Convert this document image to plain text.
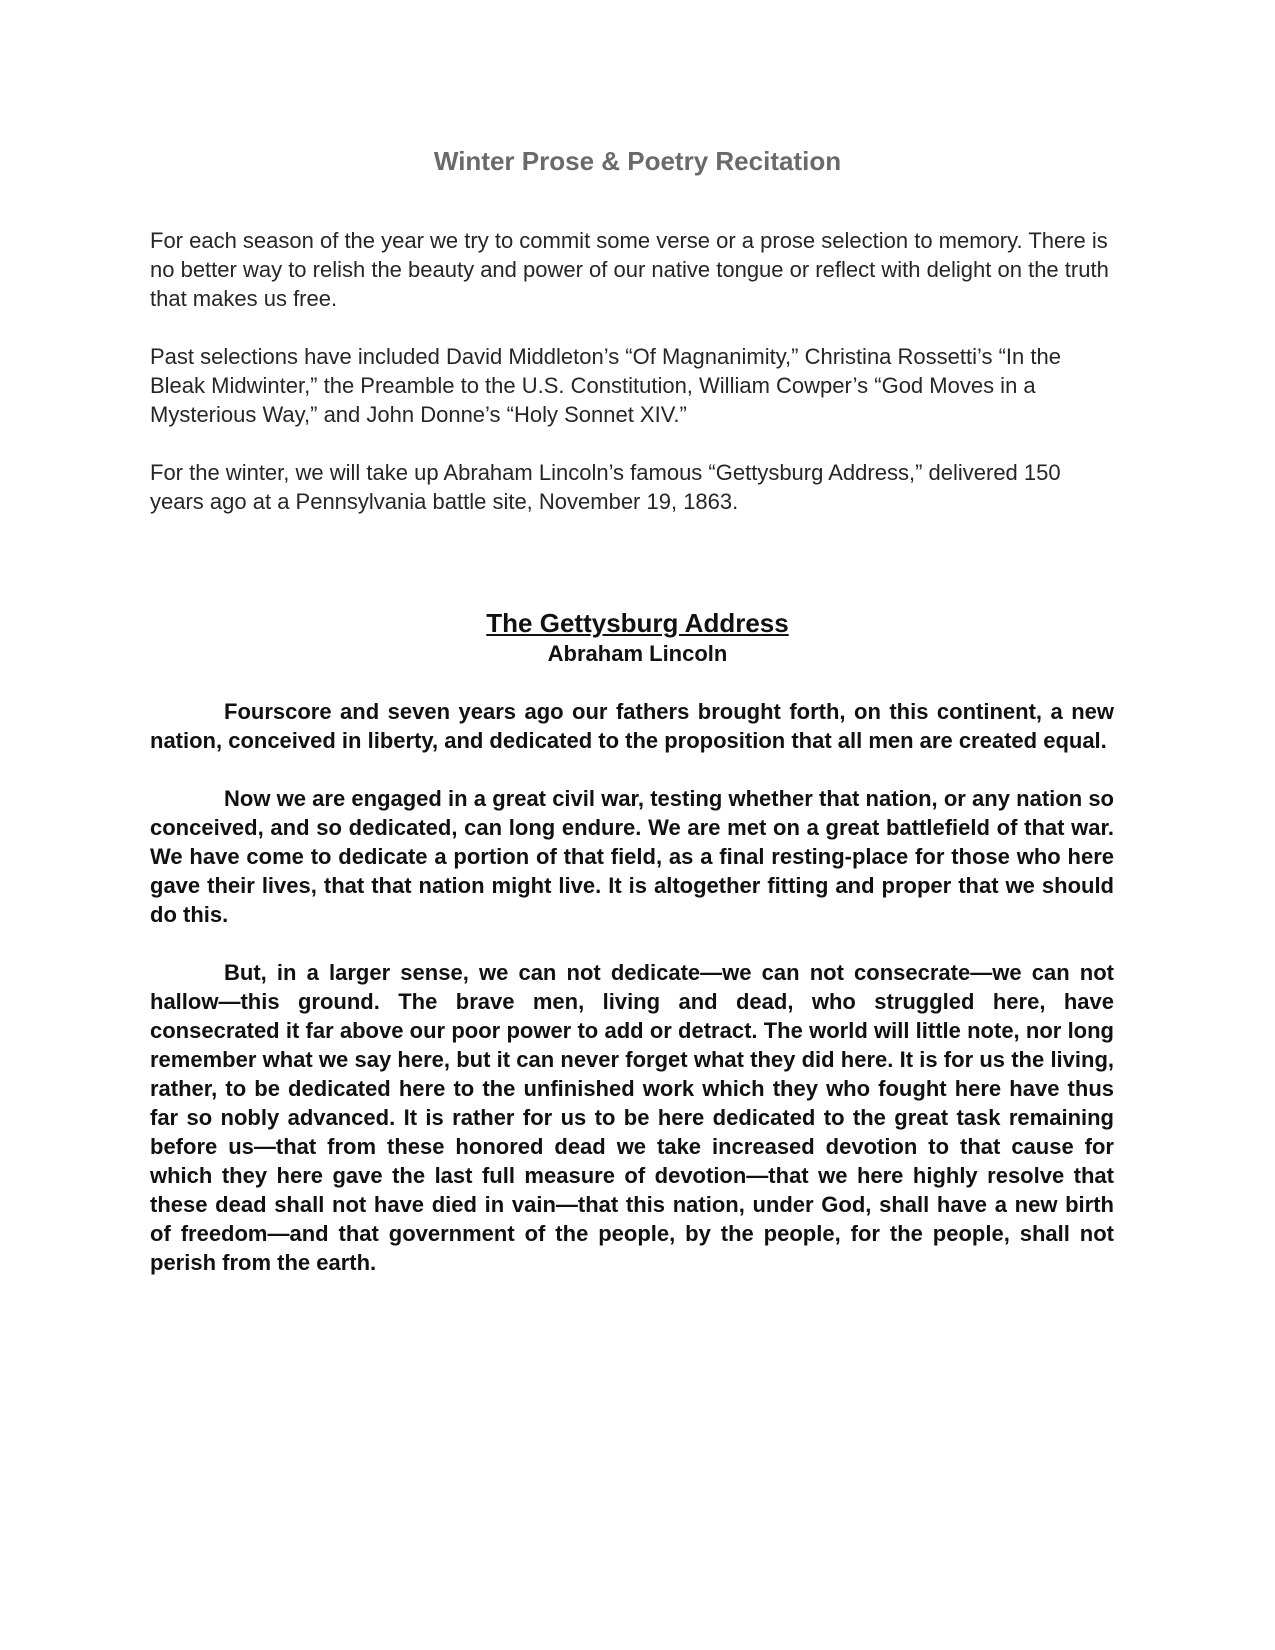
Winter Prose & Poetry Recitation

For each season of the year we try to commit some verse or a prose selection to memory. There is no better way to relish the beauty and power of our native tongue or reflect with delight on the truth that makes us free.

Past selections have included David Middleton’s “Of Magnanimity,” Christina Rossetti’s “In the Bleak Midwinter,” the Preamble to the U.S. Constitution, William Cowper’s “God Moves in a Mysterious Way,” and John Donne’s “Holy Sonnet XIV.”

For the winter, we will take up Abraham Lincoln’s famous “Gettysburg Address,” delivered 150 years ago at a Pennsylvania battle site, November 19, 1863.

The Gettysburg Address
Abraham Lincoln

Fourscore and seven years ago our fathers brought forth, on this continent, a new nation, conceived in liberty, and dedicated to the proposition that all men are created equal.

Now we are engaged in a great civil war, testing whether that nation, or any nation so conceived, and so dedicated, can long endure. We are met on a great battlefield of that war. We have come to dedicate a portion of that field, as a final resting-place for those who here gave their lives, that that nation might live. It is altogether fitting and proper that we should do this.

But, in a larger sense, we can not dedicate—we can not consecrate—we can not hallow—this ground. The brave men, living and dead, who struggled here, have consecrated it far above our poor power to add or detract. The world will little note, nor long remember what we say here, but it can never forget what they did here. It is for us the living, rather, to be dedicated here to the unfinished work which they who fought here have thus far so nobly advanced. It is rather for us to be here dedicated to the great task remaining before us—that from these honored dead we take increased devotion to that cause for which they here gave the last full measure of devotion—that we here highly resolve that these dead shall not have died in vain—that this nation, under God, shall have a new birth of freedom—and that government of the people, by the people, for the people, shall not perish from the earth.
